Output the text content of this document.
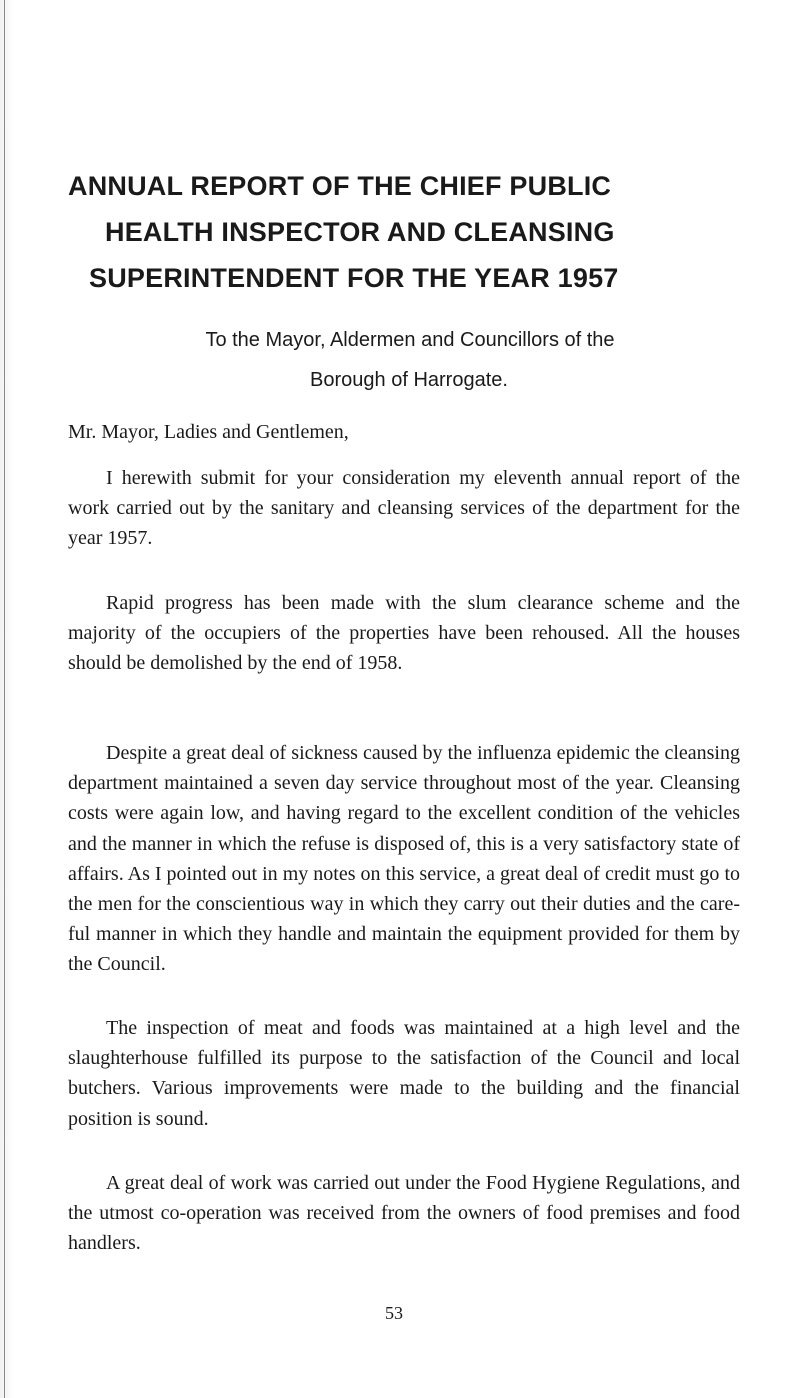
ANNUAL REPORT OF THE CHIEF PUBLIC
HEALTH INSPECTOR AND CLEANSING
SUPERINTENDENT FOR THE YEAR 1957
To the Mayor, Aldermen and Councillors of the
Borough of Harrogate.

Mr. Mayor, Ladies and Gentlemen,

I herewith submit for your consideration my eleventh annual report of the work carried out by the sanitary and cleansing services of the department for the year 1957.

Rapid progress has been made with the slum clearance scheme and the majority of the occupiers of the properties have been rehoused. All the houses should be demolished by the end of 1958.

Despite a great deal of sickness caused by the influenza epidemic the cleansing department maintained a seven day service throughout most of the year. Cleansing costs were again low, and having regard to the excellent condition of the vehicles and the manner in which the refuse is disposed of, this is a very satisfactory state of affairs. As I pointed out in my notes on this service, a great deal of credit must go to the men for the conscientious way in which they carry out their duties and the careful manner in which they handle and maintain the equipment provided for them by the Council.

The inspection of meat and foods was maintained at a high level and the slaughterhouse fulfilled its purpose to the satisfaction of the Council and local butchers. Various improvements were made to the building and the financial position is sound.

A great deal of work was carried out under the Food Hygiene Regulations, and the utmost co-operation was received from the owners of food premises and food handlers.

53
